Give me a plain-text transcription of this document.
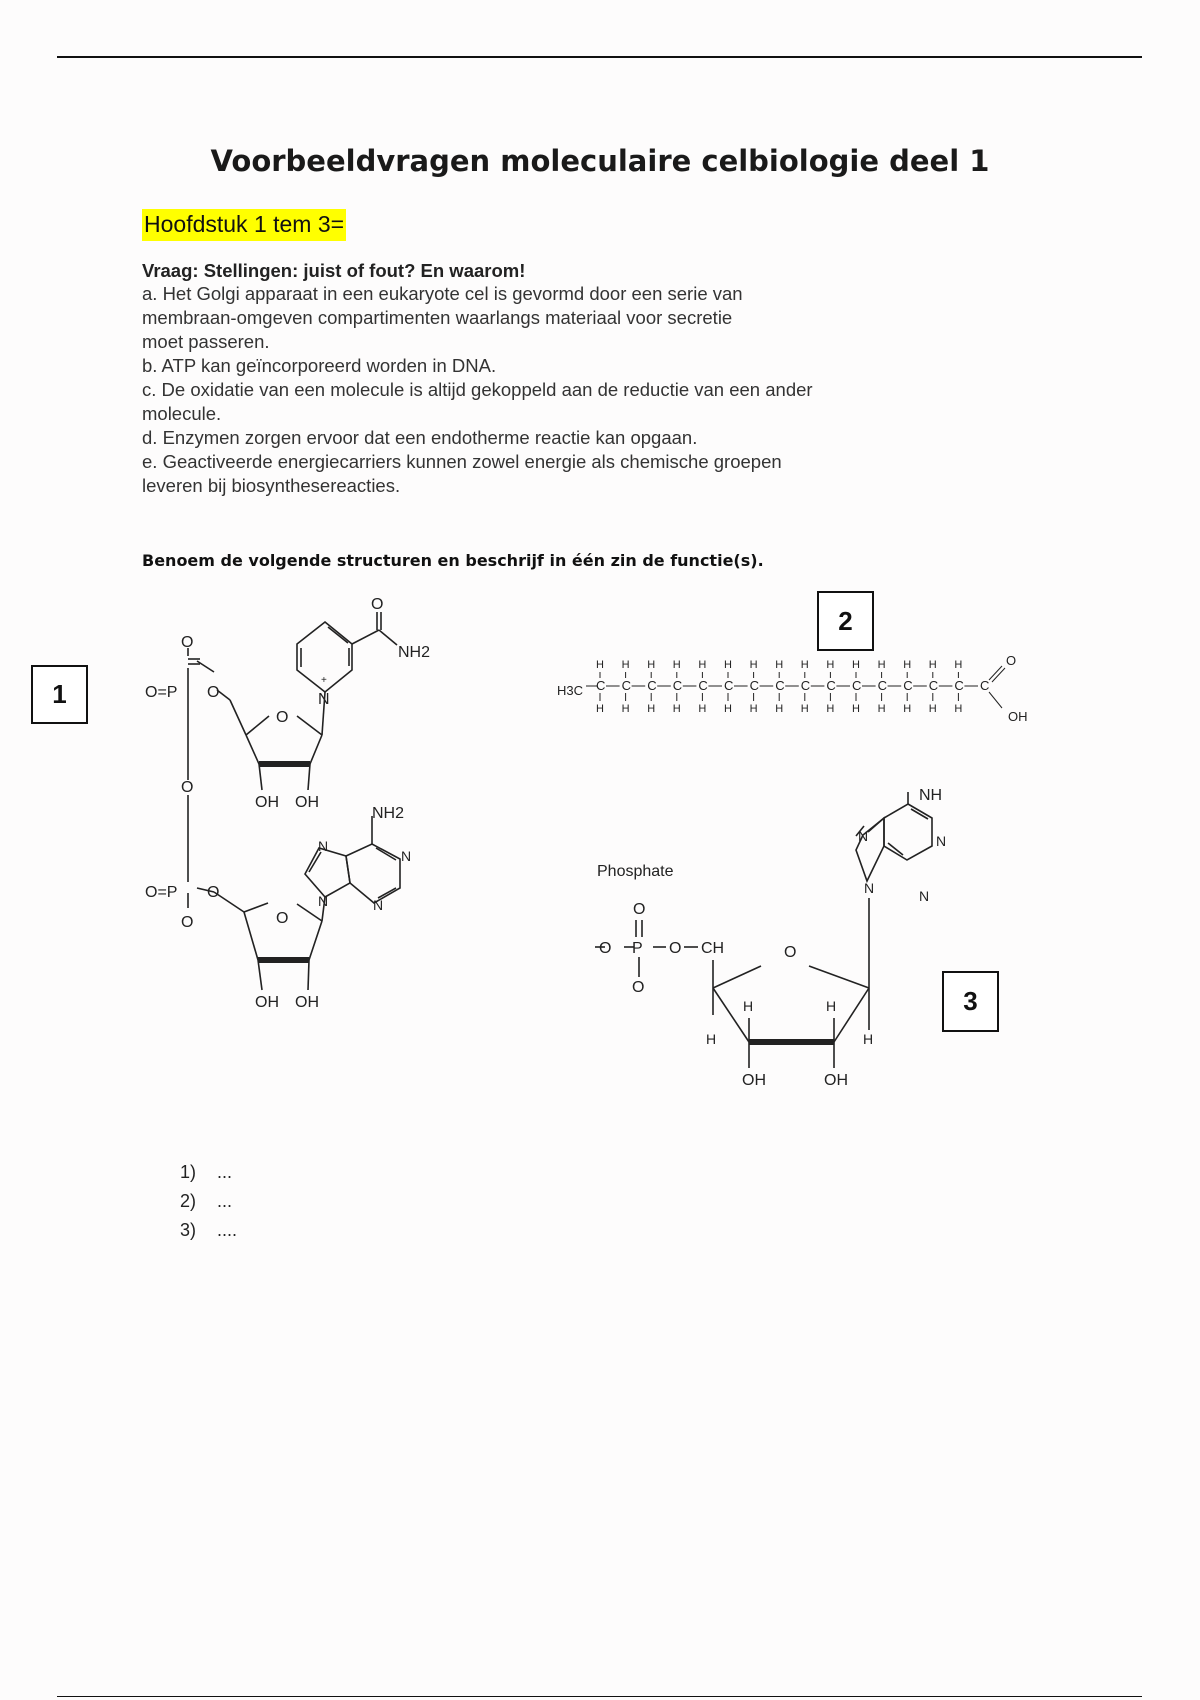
Voorbeeldvragen moleculaire celbiologie deel 1
Hoofdstuk 1 tem 3=
Vraag: Stellingen: juist of fout? En waarom!

a. Het Golgi apparaat in een eukaryote cel is gevormd door een serie van

membraan-omgeven compartimenten waarlangs materiaal voor secretie

moet passeren.

b. ATP kan geïncorporeerd worden in DNA.

c. De oxidatie van een molecule is altijd gekoppeld aan de reductie van een ander

molecule.

d. Enzymen zorgen ervoor dat een endotherme reactie kan opgaan.

e. Geactiveerde energiecarriers kunnen zowel energie als chemische groepen

leveren bij biosynthesereacties.

Benoem de volgende structuren en beschrijf in één zin de functie(s).
1
2
3
O
NH2
N
+
O
O=P O
O
OH OH
O
NH2
N
N
N
N
O=P O
O	O
OH OH
C
H
H
C
H
H
C
H
H
C
H
H
C
H
H
C
H
H
C
H
H
C
H
H
C
H
H
C
H
H
C
H
H
C
H
H
C
H
H
C
H
H
C
H
H
C
H3C
O
OH
Phosphate
O
O P O CH
O
O
H	H
H	H
OH	OH
NH
N	N
N
N
1) ...
2) ...
3) ....
